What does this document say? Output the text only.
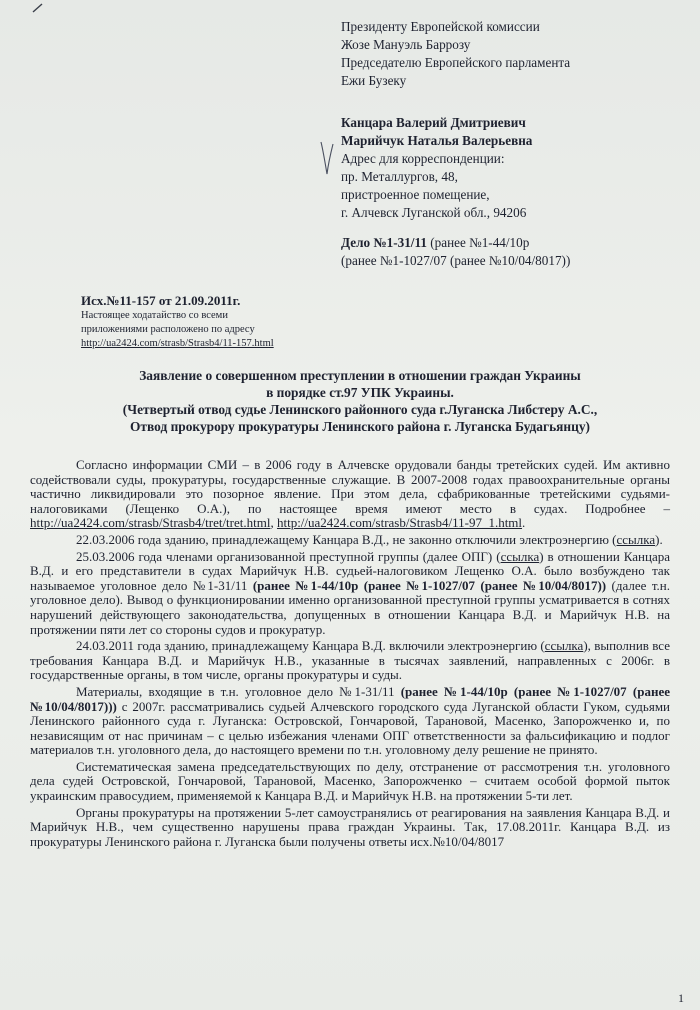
Президенту Европейской комиссии
Жозе Мануэль Баррозу
Председателю Европейского парламента
Ежи Бузеку
Канцара Валерий Дмитриевич
Марийчук Наталья Валерьевна
Адрес для корреспонденции:
пр. Металлургов, 48,
пристроенное помещение,
г. Алчевск Луганской обл., 94206
Дело №1-31/11 (ранее №1-44/10р
(ранее №1-1027/07 (ранее №10/04/8017))
Исх.№11-157 от 21.09.2011г.
Настоящее ходатайство со всеми
приложениями расположено по адресу
http://ua2424.com/strasb/Strasb4/11-157.html
Заявление о совершенном преступлении в отношении граждан Украины
в порядке ст.97 УПК Украины.
(Четвертый отвод судье Ленинского районного суда г.Луганска Либстеру А.С.,
Отвод прокурору прокуратуры Ленинского района г. Луганска Будагьянцу)

Согласно информации СМИ – в 2006 году в Алчевске орудовали банды третейских судей. Им активно содействовали суды, прокуратуры, государственные служащие. В 2007-2008 годах правоохранительные органы частично ликвидировали это позорное явление. При этом дела, сфабрикованные третейскими судьями-налоговиками (Лещенко О.А.), по настоящее время имеют место в судах. Подробнее – http://ua2424.com/strasb/Strasb4/tret/tret.html, http://ua2424.com/strasb/Strasb4/11-97_1.html.

22.03.2006 года зданию, принадлежащему Канцара В.Д., не законно отключили электроэнергию (ссылка).

25.03.2006 года членами организованной преступной группы (далее ОПГ) (ссылка) в отношении Канцара В.Д. и его представители в судах Марийчук Н.В. судьей-налоговиком Лещенко О.А. было возбуждено так называемое уголовное дело №1-31/11 (ранее №1-44/10р (ранее №1-1027/07 (ранее №10/04/8017)) (далее т.н. уголовное дело). Вывод о функционировании именно организованной преступной группы усматривается в сотнях нарушений действующего законодательства, допущенных в отношении Канцара В.Д. и Марийчук Н.В. на протяжении пяти лет со стороны судов и прокуратур.

24.03.2011 года зданию, принадлежащему Канцара В.Д. включили электроэнергию (ссылка), выполнив все требования Канцара В.Д. и Марийчук Н.В., указанные в тысячах заявлений, направленных с 2006г. в государственные органы, в том числе, органы прокуратуры и суды.

Материалы, входящие в т.н. уголовное дело №1-31/11 (ранее №1-44/10р (ранее №1-1027/07 (ранее №10/04/8017))) с 2007г. рассматривались судьей Алчевского городского суда Луганской области Гуком, судьями Ленинского районного суда г. Луганска: Островской, Гончаровой, Тарановой, Масенко, Запорожченко и, по независящим от нас причинам – с целью избежания членами ОПГ ответственности за фальсификацию и подлог материалов т.н. уголовного дела, до настоящего времени по т.н. уголовному делу решение не принято.

Систематическая замена председательствующих по делу, отстранение от рассмотрения т.н. уголовного дела судей Островской, Гончаровой, Тарановой, Масенко, Запорожченко – считаем особой формой пыток украинским правосудием, применяемой к Канцара В.Д. и Марийчук Н.В. на протяжении 5-ти лет.

Органы прокуратуры на протяжении 5-лет самоустранялись от реагирования на заявления Канцара В.Д. и Марийчук Н.В., чем существенно нарушены права граждан Украины. Так, 17.08.2011г. Канцара В.Д. из прокуратуры Ленинского района г. Луганска были получены ответы исх.№10/04/8017

1
